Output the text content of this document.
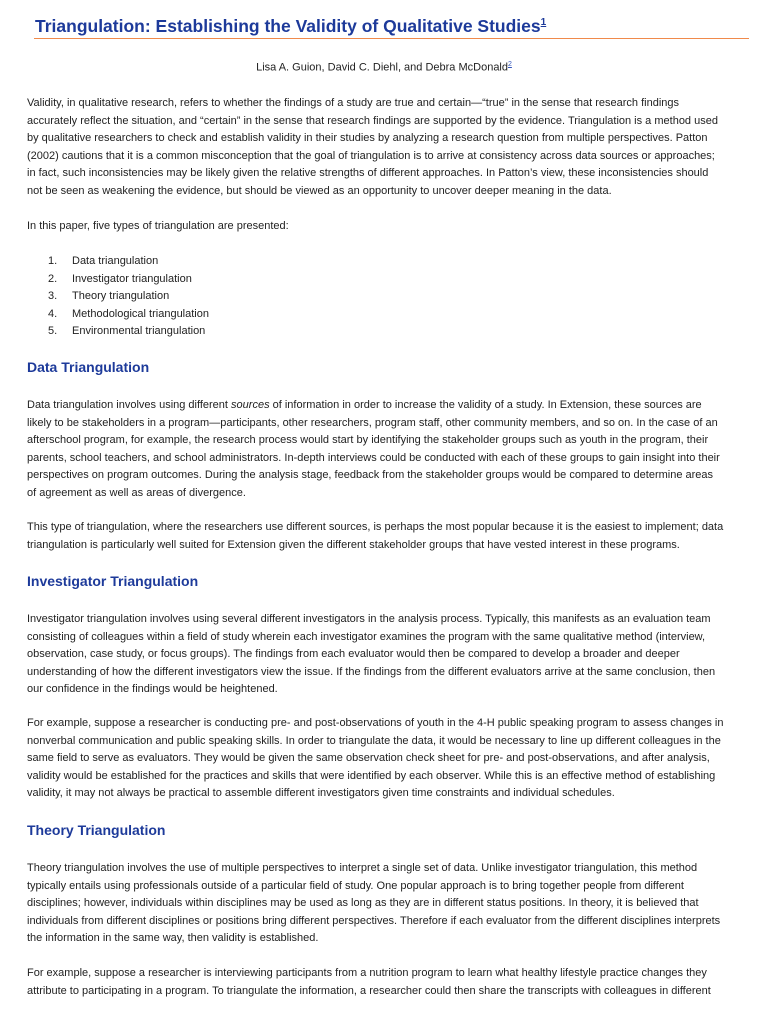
Triangulation: Establishing the Validity of Qualitative Studies$^1$
Lisa A. Guion, David C. Diehl, and Debra McDonald$^2$
Validity, in qualitative research, refers to whether the findings of a study are true and certain—“true” in the sense that research findings
accurately reflect the situation, and “certain” in the sense that research findings are supported by the evidence. Triangulation is a method used
by qualitative researchers to check and establish validity in their studies by analyzing a research question from multiple perspectives. Patton
(2002) cautions that it is a common misconception that the goal of triangulation is to arrive at consistency across data sources or approaches;
in fact, such inconsistencies may be likely given the relative strengths of different approaches. In Patton’s view, these inconsistencies should
not be seen as weakening the evidence, but should be viewed as an opportunity to uncover deeper meaning in the data.
In this paper, five types of triangulation are presented:
1. Data triangulation
2. Investigator triangulation
3. Theory triangulation
4. Methodological triangulation
5. Environmental triangulation
Data Triangulation
Data triangulation involves using different sources of information in order to increase the validity of a study. In Extension, these sources are
likely to be stakeholders in a program—participants, other researchers, program staff, other community members, and so on. In the case of an
afterschool program, for example, the research process would start by identifying the stakeholder groups such as youth in the program, their
parents, school teachers, and school administrators. In-depth interviews could be conducted with each of these groups to gain insight into their
perspectives on program outcomes. During the analysis stage, feedback from the stakeholder groups would be compared to determine areas
of agreement as well as areas of divergence.
This type of triangulation, where the researchers use different sources, is perhaps the most popular because it is the easiest to implement; data
triangulation is particularly well suited for Extension given the different stakeholder groups that have vested interest in these programs.
Investigator Triangulation
Investigator triangulation involves using several different investigators in the analysis process. Typically, this manifests as an evaluation team
consisting of colleagues within a field of study wherein each investigator examines the program with the same qualitative method (interview,
observation, case study, or focus groups). The findings from each evaluator would then be compared to develop a broader and deeper
understanding of how the different investigators view the issue. If the findings from the different evaluators arrive at the same conclusion, then
our confidence in the findings would be heightened.
For example, suppose a researcher is conducting pre- and post-observations of youth in the 4-H public speaking program to assess changes in
nonverbal communication and public speaking skills. In order to triangulate the data, it would be necessary to line up different colleagues in the
same field to serve as evaluators. They would be given the same observation check sheet for pre- and post-observations, and after analysis,
validity would be established for the practices and skills that were identified by each observer. While this is an effective method of establishing
validity, it may not always be practical to assemble different investigators given time constraints and individual schedules.
Theory Triangulation
Theory triangulation involves the use of multiple perspectives to interpret a single set of data. Unlike investigator triangulation, this method
typically entails using professionals outside of a particular field of study. One popular approach is to bring together people from different
disciplines; however, individuals within disciplines may be used as long as they are in different status positions. In theory, it is believed that
individuals from different disciplines or positions bring different perspectives. Therefore if each evaluator from the different disciplines interprets
the information in the same way, then validity is established.
For example, suppose a researcher is interviewing participants from a nutrition program to learn what healthy lifestyle practice changes they
attribute to participating in a program. To triangulate the information, a researcher could then share the transcripts with colleagues in different
